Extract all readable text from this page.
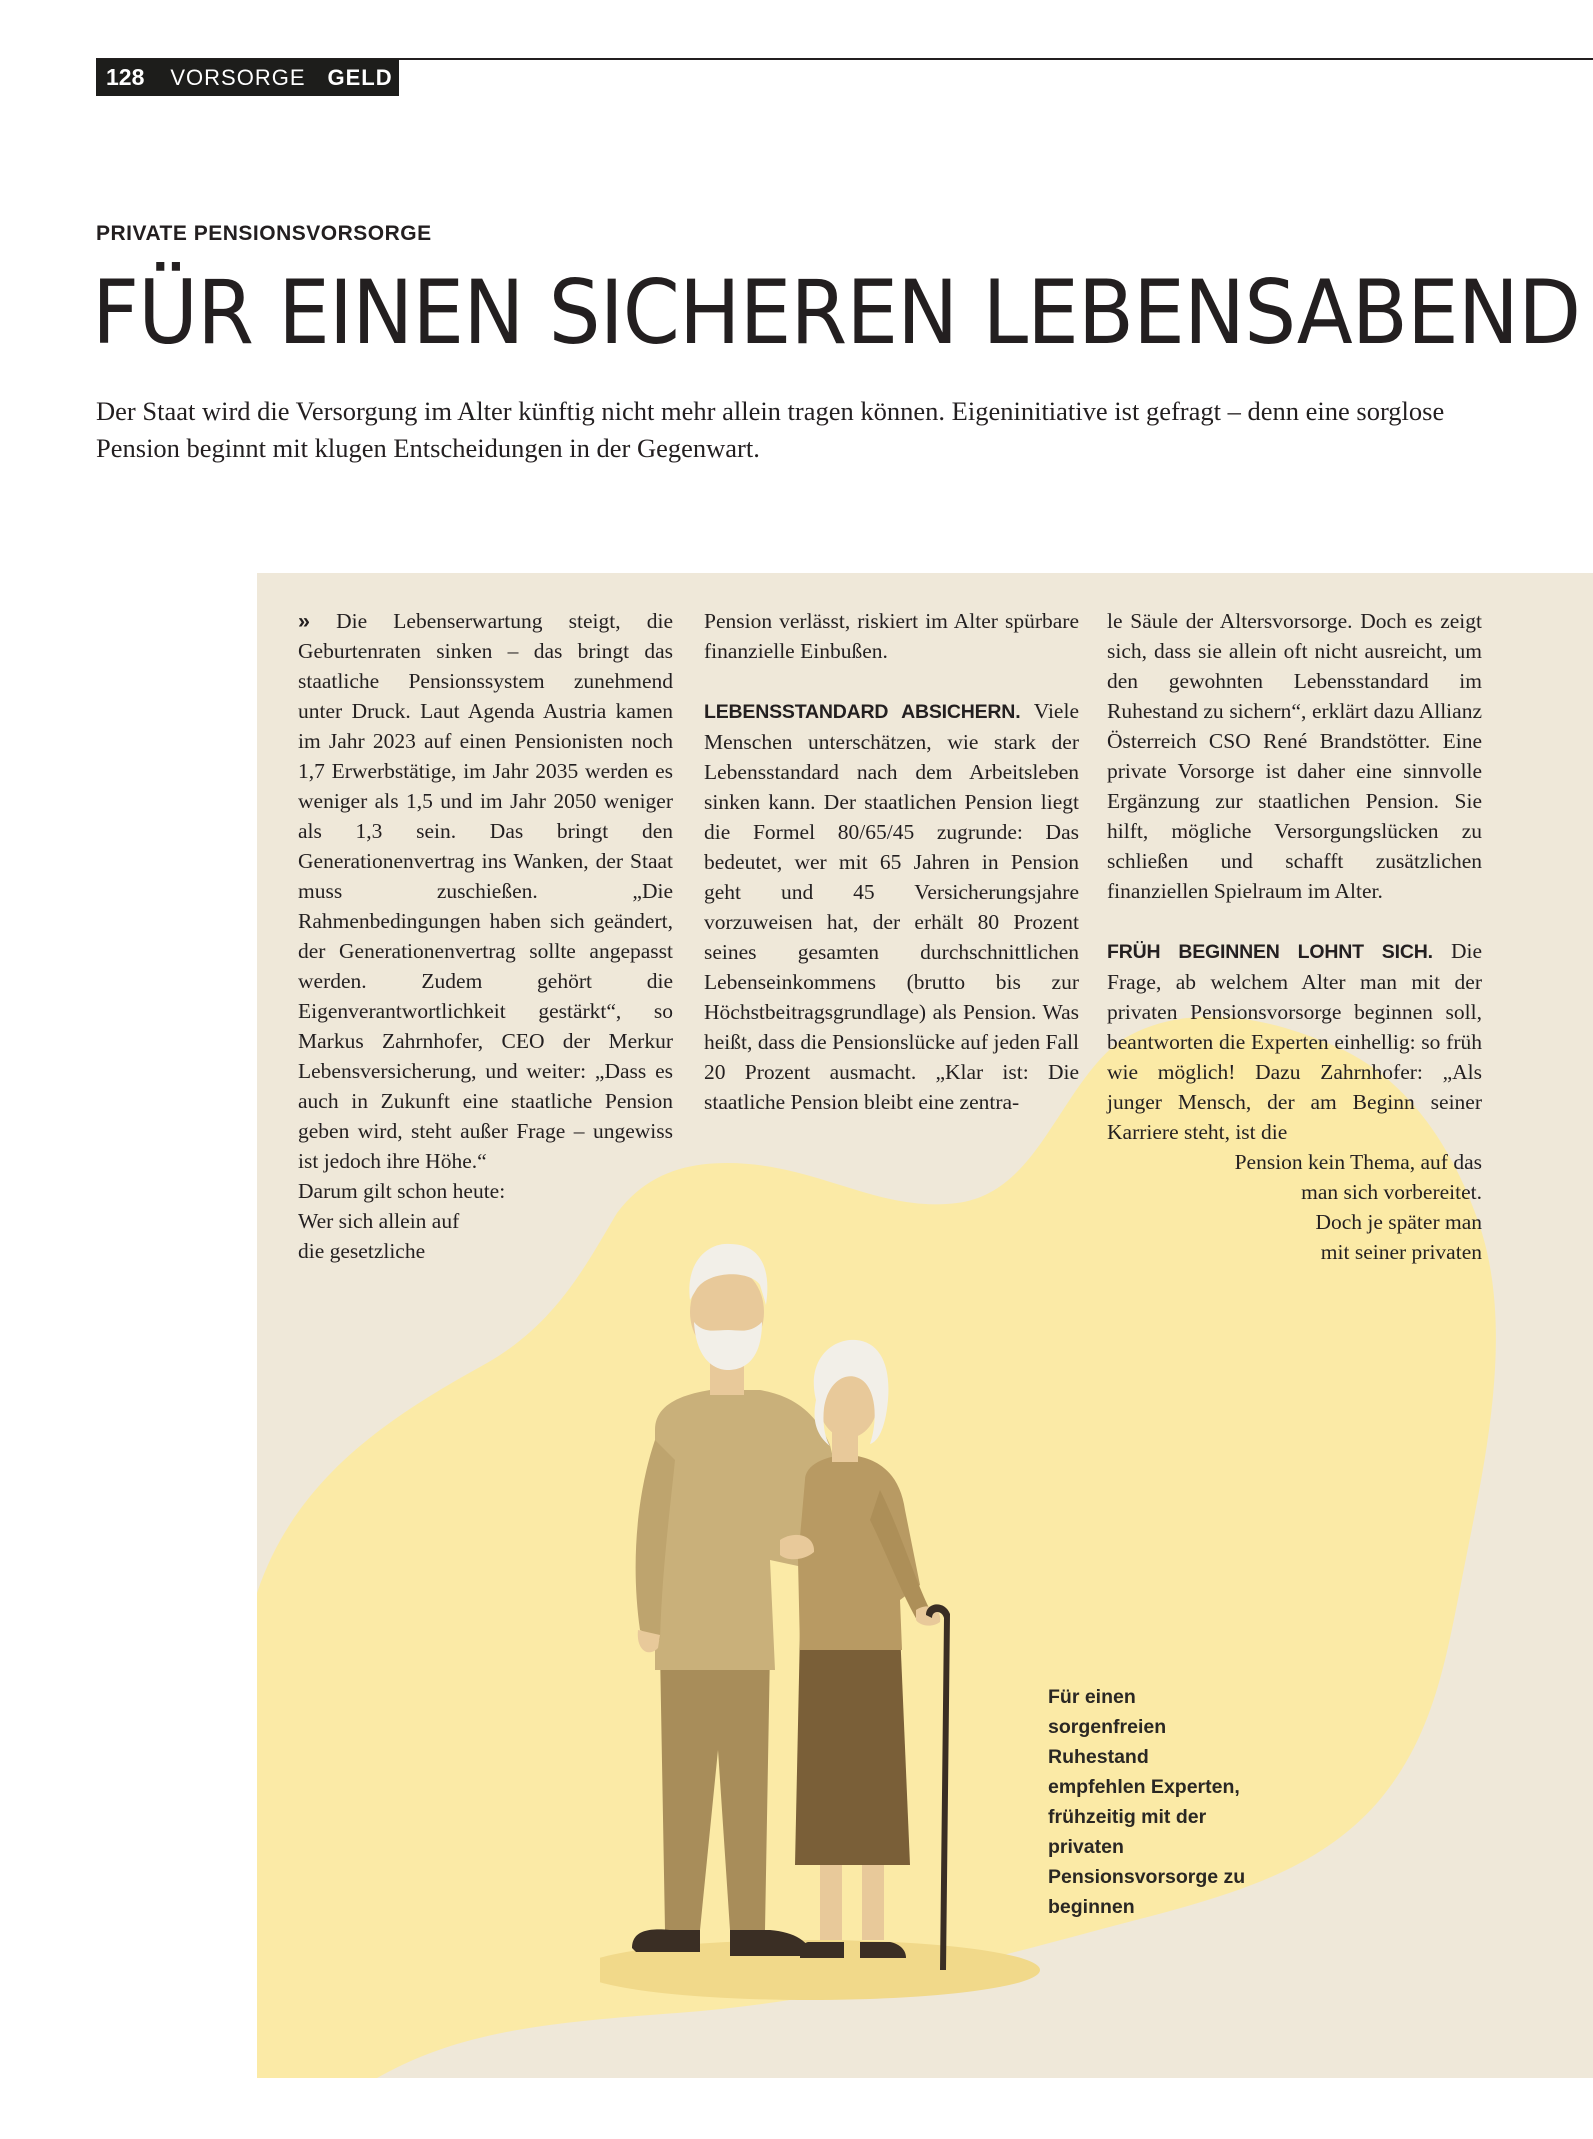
128 VORSORGE GELD
PRIVATE PENSIONSVORSORGE
FÜR EINEN SICHEREN LEBENSABEND
Der Staat wird die Versorgung im Alter künftig nicht mehr allein tragen können. Eigeninitiative ist gefragt – denn eine sorglose Pension beginnt mit klugen Entscheidungen in der Gegenwart.

» Die Lebenserwartung steigt, die Geburtenraten sinken – das bringt das staatliche Pensionssystem zunehmend unter Druck. Laut Agenda Austria kamen im Jahr 2023 auf einen Pensionisten noch 1,7 Erwerbstätige, im Jahr 2035 werden es weniger als 1,5 und im Jahr 2050 weniger als 1,3 sein. Das bringt den Generationenvertrag ins Wanken, der Staat muss zuschießen. „Die Rahmenbedingungen haben sich geändert, der Generationenvertrag sollte angepasst werden. Zudem gehört die Eigenverantwortlichkeit gestärkt“, so Markus Zahrnhofer, CEO der Merkur Lebensversicherung, und weiter: „Dass es auch in Zukunft eine staatliche Pension geben wird, steht außer Frage – ungewiss ist jedoch ihre Höhe.“

Darum gilt schon heute:
Wer sich allein auf
die gesetzliche

Pension verlässt, riskiert im Alter spürbare finanzielle Einbußen.

LEBENSSTANDARD ABSICHERN. Viele Menschen unterschätzen, wie stark der Lebensstandard nach dem Arbeitsleben sinken kann. Der staatlichen Pension liegt die Formel 80/65/45 zugrunde: Das bedeutet, wer mit 65 Jahren in Pension geht und 45 Versicherungsjahre vorzuweisen hat, der erhält 80 Prozent seines gesamten durchschnittlichen Lebenseinkommens (brutto bis zur Höchstbeitragsgrundlage) als Pension. Was heißt, dass die Pensionslücke auf jeden Fall 20 Prozent ausmacht. „Klar ist: Die staatliche Pension bleibt eine zentra-

le Säule der Altersvorsorge. Doch es zeigt sich, dass sie allein oft nicht ausreicht, um den gewohnten Lebensstandard im Ruhestand zu sichern“, erklärt dazu Allianz Österreich CSO René Brandstötter. Eine private Vorsorge ist daher eine sinnvolle Ergänzung zur staatlichen Pension. Sie hilft, mögliche Versorgungslücken zu schließen und schafft zusätzlichen finanziellen Spielraum im Alter.

FRÜH BEGINNEN LOHNT SICH. Die Frage, ab welchem Alter man mit der privaten Pensionsvorsorge beginnen soll, beantworten die Experten einhellig: so früh wie möglich! Dazu Zahrnhofer: „Als junger Mensch, der am Beginn seiner Karriere steht, ist die

Pension kein Thema, auf das
man sich vorbereitet.
Doch je später man
mit seiner privaten
Für einen sorgenfreien Ruhestand empfehlen Experten, frühzeitig mit der privaten Pensionsvorsorge zu beginnen
